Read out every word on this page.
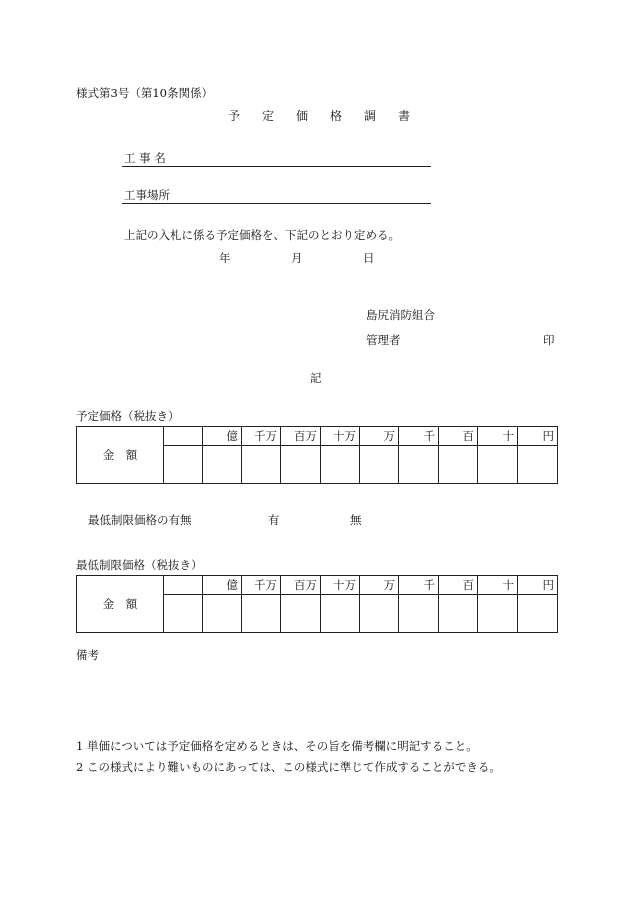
様式第3号（第10条関係）
予定価格調書
工 事 名
工事場所
上記の入札に係る予定価格を、下記のとおり定める。
年	月	日
島尻消防組合
管理者	印
記
予定価格（税抜き）
金　額		億	千万	百万	十万	万	千	百	十	円

最低制限価格の有無	有	無
最低制限価格（税抜き）
金　額		億	千万	百万	十万	万	千	百	十	円

備考
1 単価については予定価格を定めるときは、その旨を備考欄に明記すること。
2 この様式により難いものにあっては、この様式に準じて作成することができる。
